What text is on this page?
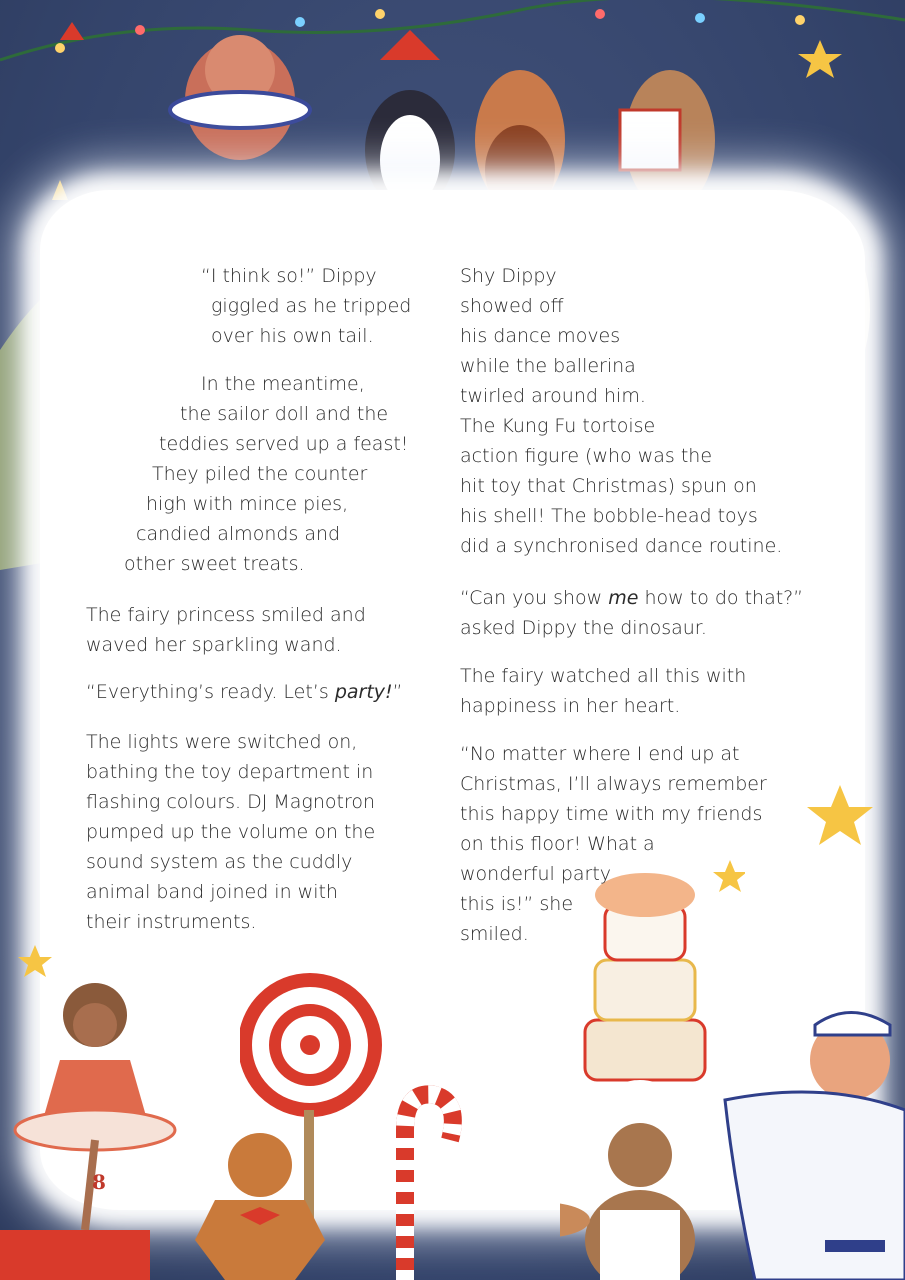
“I think so!” Dippy
giggled as he tripped
over his own tail.
In the meantime,
the sailor doll and the
teddies served up a feast!
They piled the counter
high with mince pies,
candied almonds and
other sweet treats.
The fairy princess smiled and
waved her sparkling wand.
“Everything’s ready. Let’s party!”
The lights were switched on,
bathing the toy department in
flashing colours. DJ Magnotron
pumped up the volume on the
sound system as the cuddly
animal band joined in with
their instruments.
Shy Dippy
showed off
his dance moves
while the ballerina
twirled around him.
The Kung Fu tortoise
action figure (who was the
hit toy that Christmas) spun on
his shell! The bobble-head toys
did a synchronised dance routine.
“Can you show me how to do that?”
asked Dippy the dinosaur.
The fairy watched all this with
happiness in her heart.
“No matter where I end up at
Christmas, I’ll always remember
this happy time with my friends
on this floor! What a
wonderful party
this is!” she
smiled.
8
